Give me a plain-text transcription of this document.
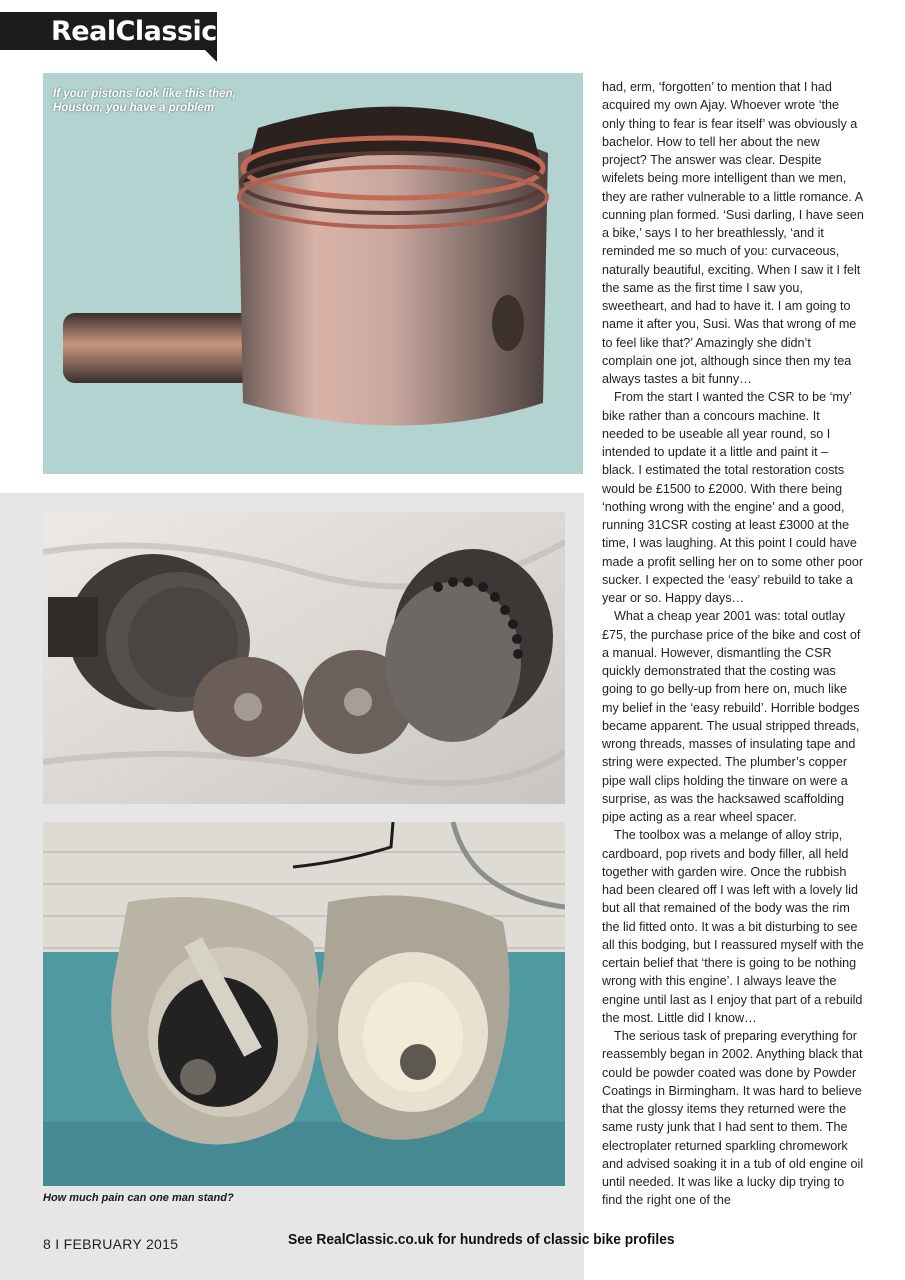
RealClassic
If your pistons look like this then, Houston, you have a problem
How much pain can one man stand?

had, erm, ‘forgotten’ to mention that I had acquired my own Ajay. Whoever wrote ‘the only thing to fear is fear itself’ was obviously a bachelor. How to tell her about the new project? The answer was clear. Despite wifelets being more intelligent than we men, they are rather vulnerable to a little romance. A cunning plan formed. ‘Susi darling, I have seen a bike,’ says I to her breathlessly, ‘and it reminded me so much of you: curvaceous, naturally beautiful, exciting. When I saw it I felt the same as the first time I saw you, sweetheart, and had to have it. I am going to name it after you, Susi. Was that wrong of me to feel like that?’ Amazingly she didn’t complain one jot, although since then my tea always tastes a bit funny…

From the start I wanted the CSR to be ‘my’ bike rather than a concours machine. It needed to be useable all year round, so I intended to update it a little and paint it – black. I estimated the total restoration costs would be £1500 to £2000. With there being ‘nothing wrong with the engine’ and a good, running 31CSR costing at least £3000 at the time, I was laughing. At this point I could have made a profit selling her on to some other poor sucker. I expected the ‘easy’ rebuild to take a year or so. Happy days…

What a cheap year 2001 was: total outlay £75, the purchase price of the bike and cost of a manual. However, dismantling the CSR quickly demonstrated that the costing was going to go belly-up from here on, much like my belief in the ‘easy rebuild’. Horrible bodges became apparent. The usual stripped threads, wrong threads, masses of insulating tape and string were expected. The plumber’s copper pipe wall clips holding the tinware on were a surprise, as was the hacksawed scaffolding pipe acting as a rear wheel spacer.

The toolbox was a melange of alloy strip, cardboard, pop rivets and body filler, all held together with garden wire. Once the rubbish had been cleared off I was left with a lovely lid but all that remained of the body was the rim the lid fitted onto. It was a bit disturbing to see all this bodging, but I reassured myself with the certain belief that ‘there is going to be nothing wrong with this engine’. I always leave the engine until last as I enjoy that part of a rebuild the most. Little did I know…

The serious task of preparing everything for reassembly began in 2002. Anything black that could be powder coated was done by Powder Coatings in Birmingham. It was hard to believe that the glossy items they returned were the same rusty junk that I had sent to them. The electroplater returned sparkling chromework and advised soaking it in a tub of old engine oil until needed. It was like a lucky dip trying to find the right one of the

8 I FEBRUARY 2015	See RealClassic.co.uk for hundreds of classic bike profiles
